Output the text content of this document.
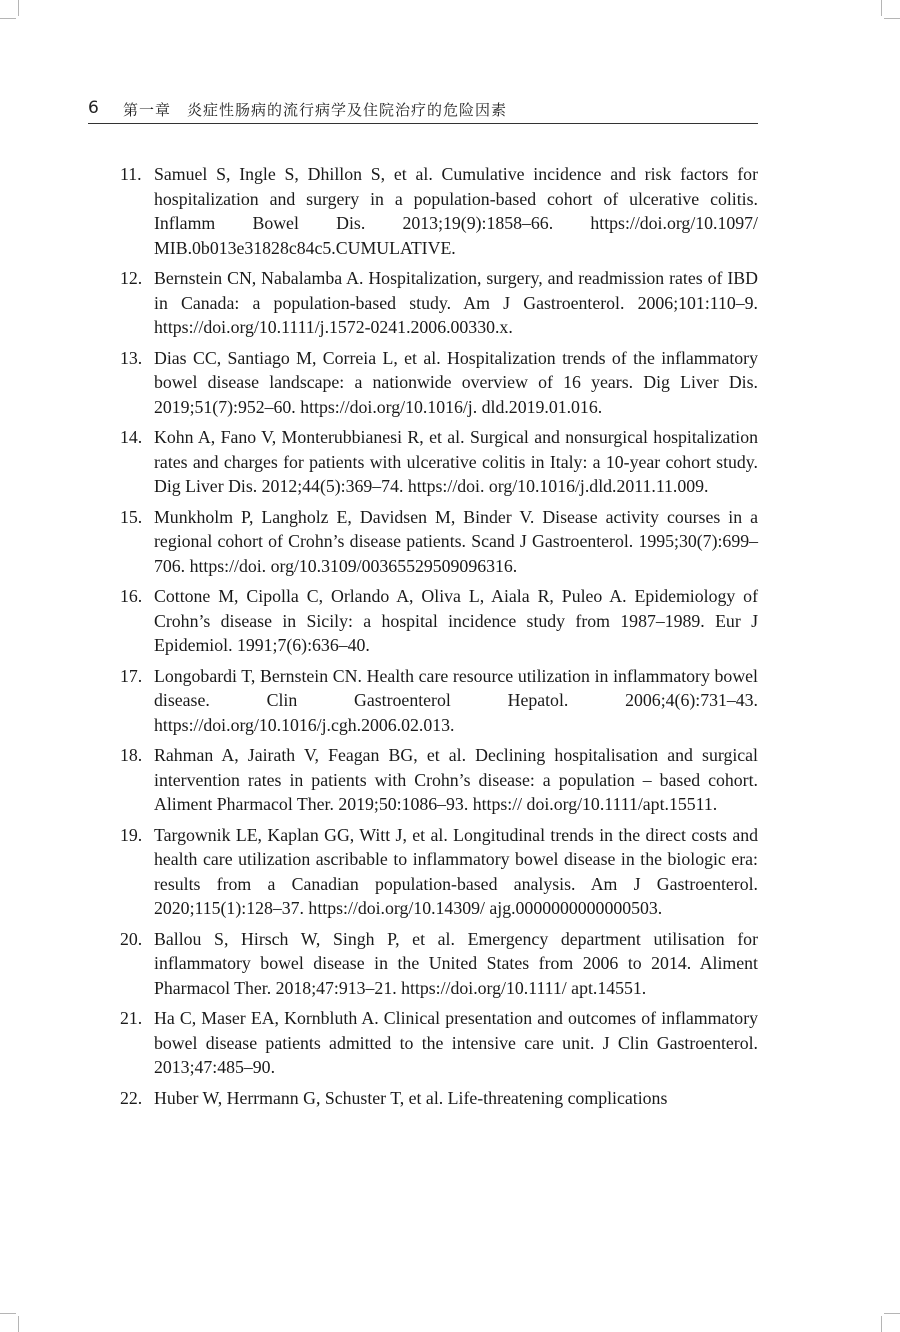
6 第一章　炎症性肠病的流行病学及住院治疗的危险因素
11. Samuel S, Ingle S, Dhillon S, et al. Cumulative incidence and risk factors for hospitalization and surgery in a population-based cohort of ulcerative colitis. Inflamm Bowel Dis. 2013;19(9):1858–66. https://doi.org/10.1097/ MIB.0b013e31828c84c5.CUMULATIVE.
12. Bernstein CN, Nabalamba A. Hospitalization, surgery, and readmission rates of IBD in Canada: a population-based study. Am J Gastroenterol. 2006;101:110–9. https://doi.org/10.1111/j.1572-0241.2006.00330.x.
13. Dias CC, Santiago M, Correia L, et al. Hospitalization trends of the inflammatory bowel disease landscape: a nationwide overview of 16 years. Dig Liver Dis. 2019;51(7):952–60. https://doi.org/10.1016/j. dld.2019.01.016.
14. Kohn A, Fano V, Monterubbianesi R, et al. Surgical and nonsurgical hospitalization rates and charges for patients with ulcerative colitis in Italy: a 10-year cohort study. Dig Liver Dis. 2012;44(5):369–74. https://doi. org/10.1016/j.dld.2011.11.009.
15. Munkholm P, Langholz E, Davidsen M, Binder V. Disease activity courses in a regional cohort of Crohn’s disease patients. Scand J Gastroenterol. 1995;30(7):699–706. https://doi. org/10.3109/00365529509096316.
16. Cottone M, Cipolla C, Orlando A, Oliva L, Aiala R, Puleo A. Epidemiology of Crohn’s disease in Sicily: a hospital incidence study from 1987–1989. Eur J Epidemiol. 1991;7(6):636–40.
17. Longobardi T, Bernstein CN. Health care resource utilization in inflammatory bowel disease. Clin Gastroenterol Hepatol. 2006;4(6):731–43. https://doi.org/10.1016/j.cgh.2006.02.013.
18. Rahman A, Jairath V, Feagan BG, et al. Declining hospitalisation and surgical intervention rates in patients with Crohn’s disease: a population – based cohort. Aliment Pharmacol Ther. 2019;50:1086–93. https:// doi.org/10.1111/apt.15511.
19. Targownik LE, Kaplan GG, Witt J, et al. Longitudinal trends in the direct costs and health care utilization ascribable to inflammatory bowel disease in the biologic era: results from a Canadian population-based analysis. Am J Gastroenterol. 2020;115(1):128–37. https://doi.org/10.14309/ ajg.0000000000000503.
20. Ballou S, Hirsch W, Singh P, et al. Emergency department utilisation for inflammatory bowel disease in the United States from 2006 to 2014. Aliment Pharmacol Ther. 2018;47:913–21. https://doi.org/10.1111/ apt.14551.
21. Ha C, Maser EA, Kornbluth A. Clinical presentation and outcomes of inflammatory bowel disease patients admitted to the intensive care unit. J Clin Gastroenterol. 2013;47:485–90.
22. Huber W, Herrmann G, Schuster T, et al. Life-threatening complications
